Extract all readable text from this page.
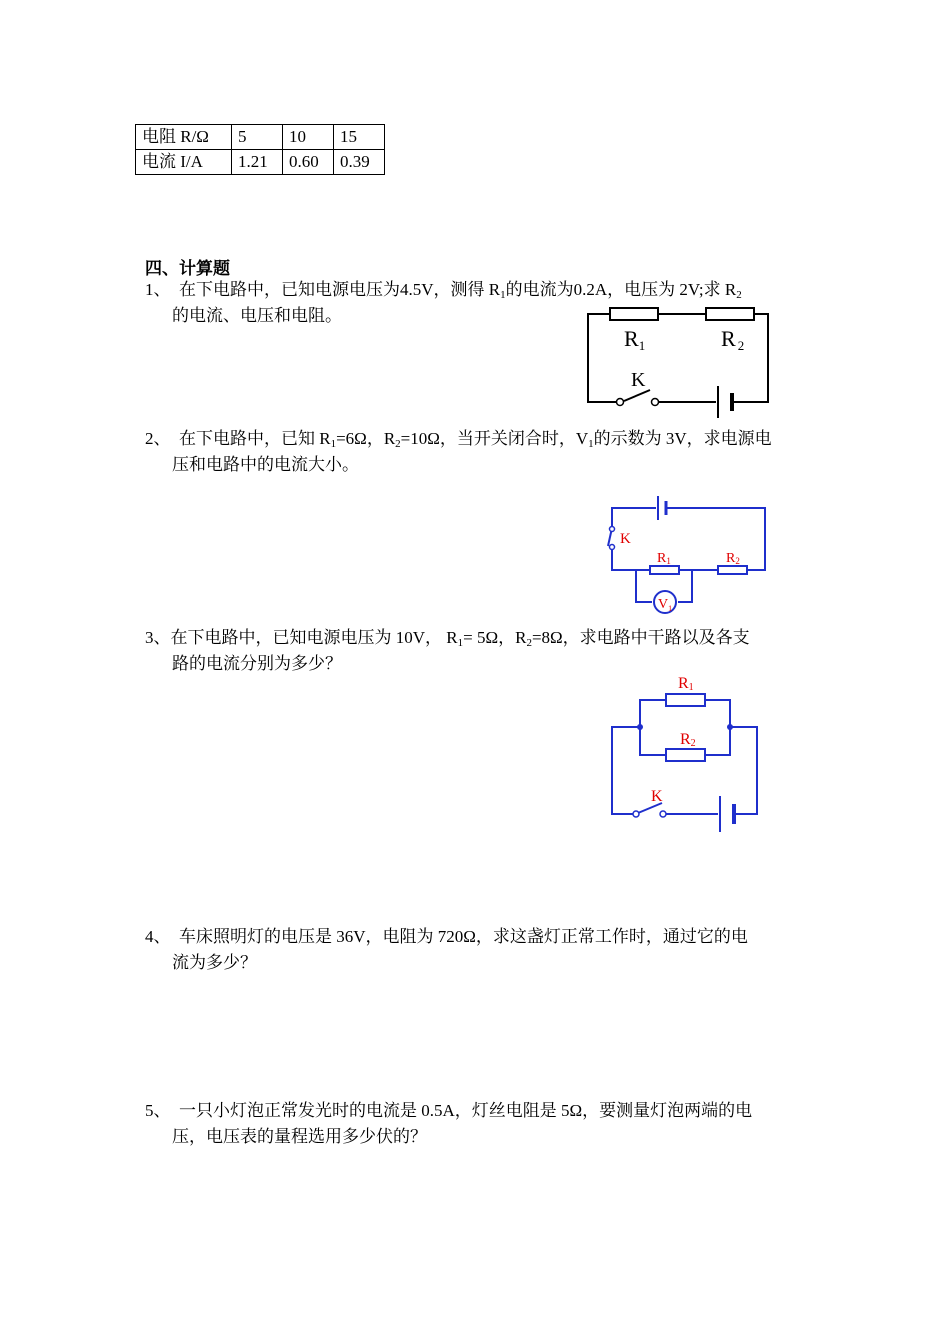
电阻 R/Ω	5	10	15
电流 I/A	1.21	0.60	0.39
四、计算题
1、 在下电路中，已知电源电压为4.5V，测得 $R_1$的电流为0.2A，电压为 2V;求 $R_2$
的电流、电压和电阻。
R1	R 2
K
2、 在下电路中，已知 $R_1=6\Omega$，$R_2=10\Omega$，当开关闭合时，$V_1$的示数为 3V，求电源电
压和电路中的电流大小。
K
R1	R2
$V_1$
3、在下电路中，已知电源电压为 10V， $R_1= 5\Omega$，$R_2=8\Omega$，求电路中干路以及各支
路的电流分别为多少？
R1
R2
K
4、 车床照明灯的电压是 36V，电阻为 720Ω，求这盏灯正常工作时，通过它的电
流为多少？
5、 一只小灯泡正常发光时的电流是 0.5A，灯丝电阻是 5Ω，要测量灯泡两端的电
压，电压表的量程选用多少伏的？
